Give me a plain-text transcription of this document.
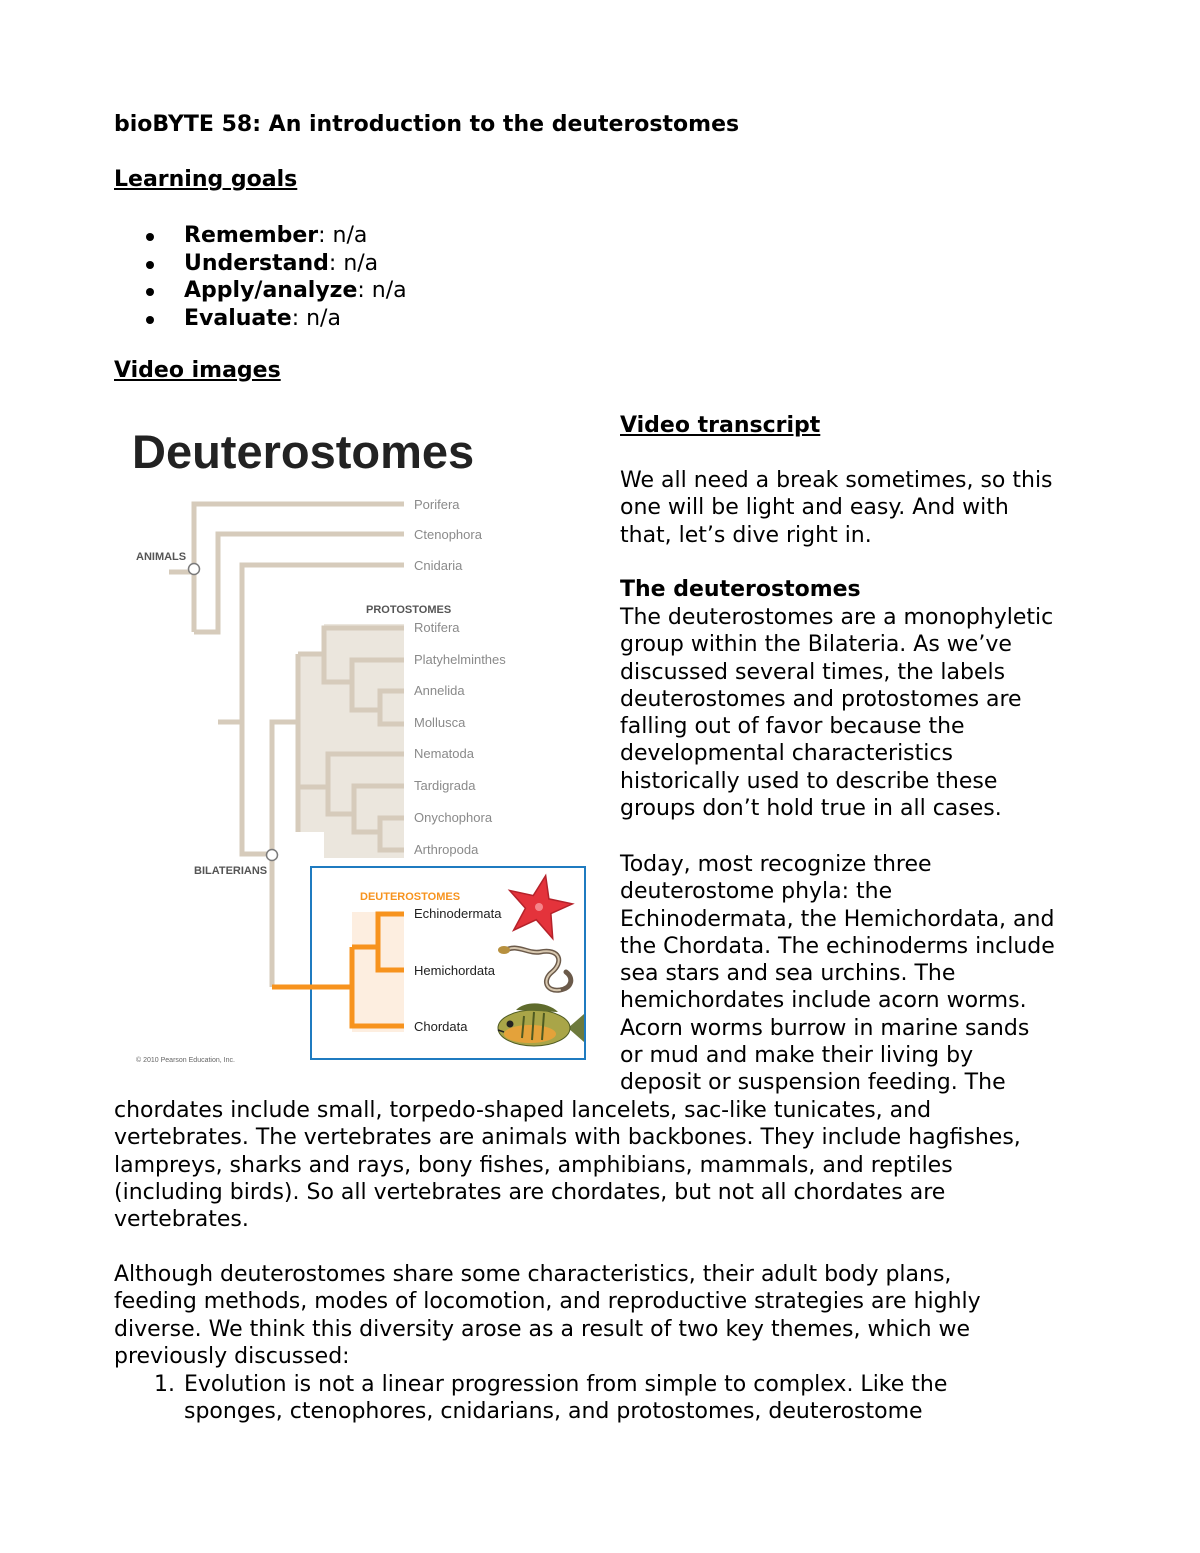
bioBYTE 58: An introduction to the deuterostomes
Learning goals
Remember: n/a
Understand: n/a
Apply/analyze: n/a
Evaluate: n/a
Video images
Deuterostomes
ANIMALS
BILATERIANS
PROTOSTOMES
DEUTEROSTOMES
Porifera
Ctenophora
Cnidaria
Rotifera
Platyhelminthes
Annelida
Mollusca
Nematoda
Tardigrada
Onychophora
Arthropoda
Echinodermata
Hemichordata
Chordata
© 2010 Pearson Education, Inc.
Video transcript
We all need a break sometimes, so this
one will be light and easy. And with
that, let’s dive right in.
The deuterostomes
The deuterostomes are a monophyletic
group within the Bilateria. As we’ve
discussed several times, the labels
deuterostomes and protostomes are
falling out of favor because the
developmental characteristics
historically used to describe these
groups don’t hold true in all cases.
Today, most recognize three
deuterostome phyla: the
Echinodermata, the Hemichordata, and
the Chordata. The echinoderms include
sea stars and sea urchins. The
hemichordates include acorn worms.
Acorn worms burrow in marine sands
or mud and make their living by
deposit or suspension feeding. The
chordates include small, torpedo-shaped lancelets, sac-like tunicates, and
vertebrates. The vertebrates are animals with backbones. They include hagfishes,
lampreys, sharks and rays, bony fishes, amphibians, mammals, and reptiles
(including birds). So all vertebrates are chordates, but not all chordates are
vertebrates.
Although deuterostomes share some characteristics, their adult body plans,
feeding methods, modes of locomotion, and reproductive strategies are highly
diverse. We think this diversity arose as a result of two key themes, which we
previously discussed:
1. Evolution is not a linear progression from simple to complex. Like the
sponges, ctenophores, cnidarians, and protostomes, deuterostome
